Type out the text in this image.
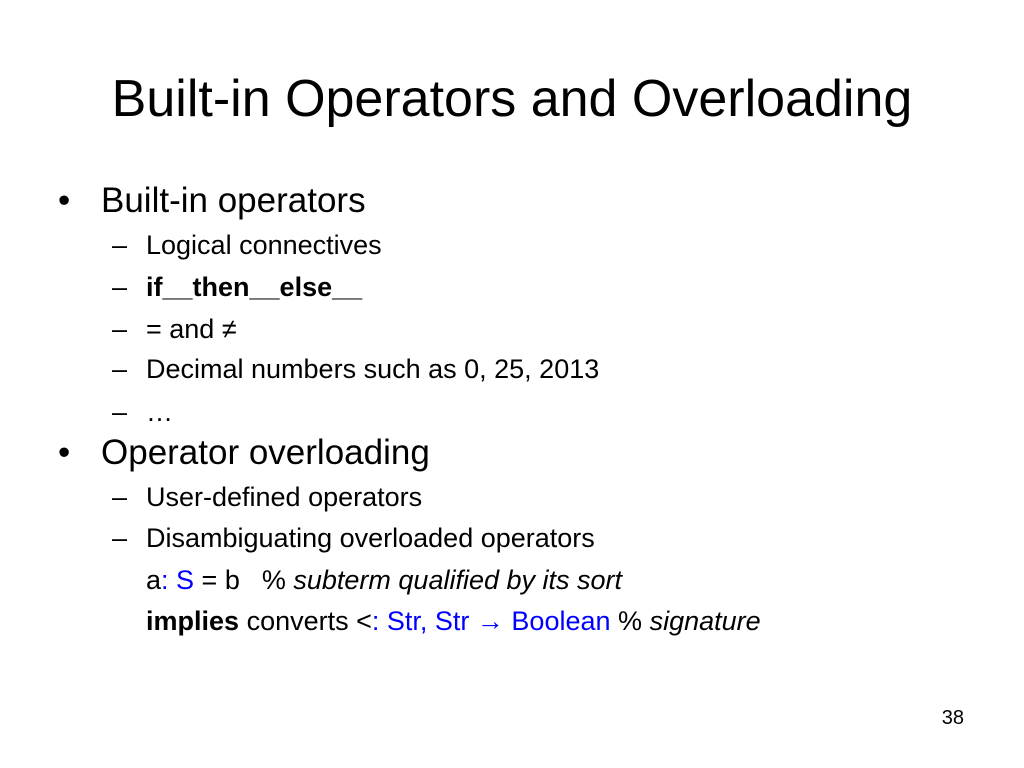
Built-in Operators and Overloading
• Built-in operators
– Logical connectives
– if__then__else__
– = and ≠
– Decimal numbers such as 0, 25, 2013
– …
• Operator overloading
– User-defined operators
– Disambiguating overloaded operators
a: S = b % subterm qualified by its sort
implies converts <: Str, Str → Boolean % signature
38
